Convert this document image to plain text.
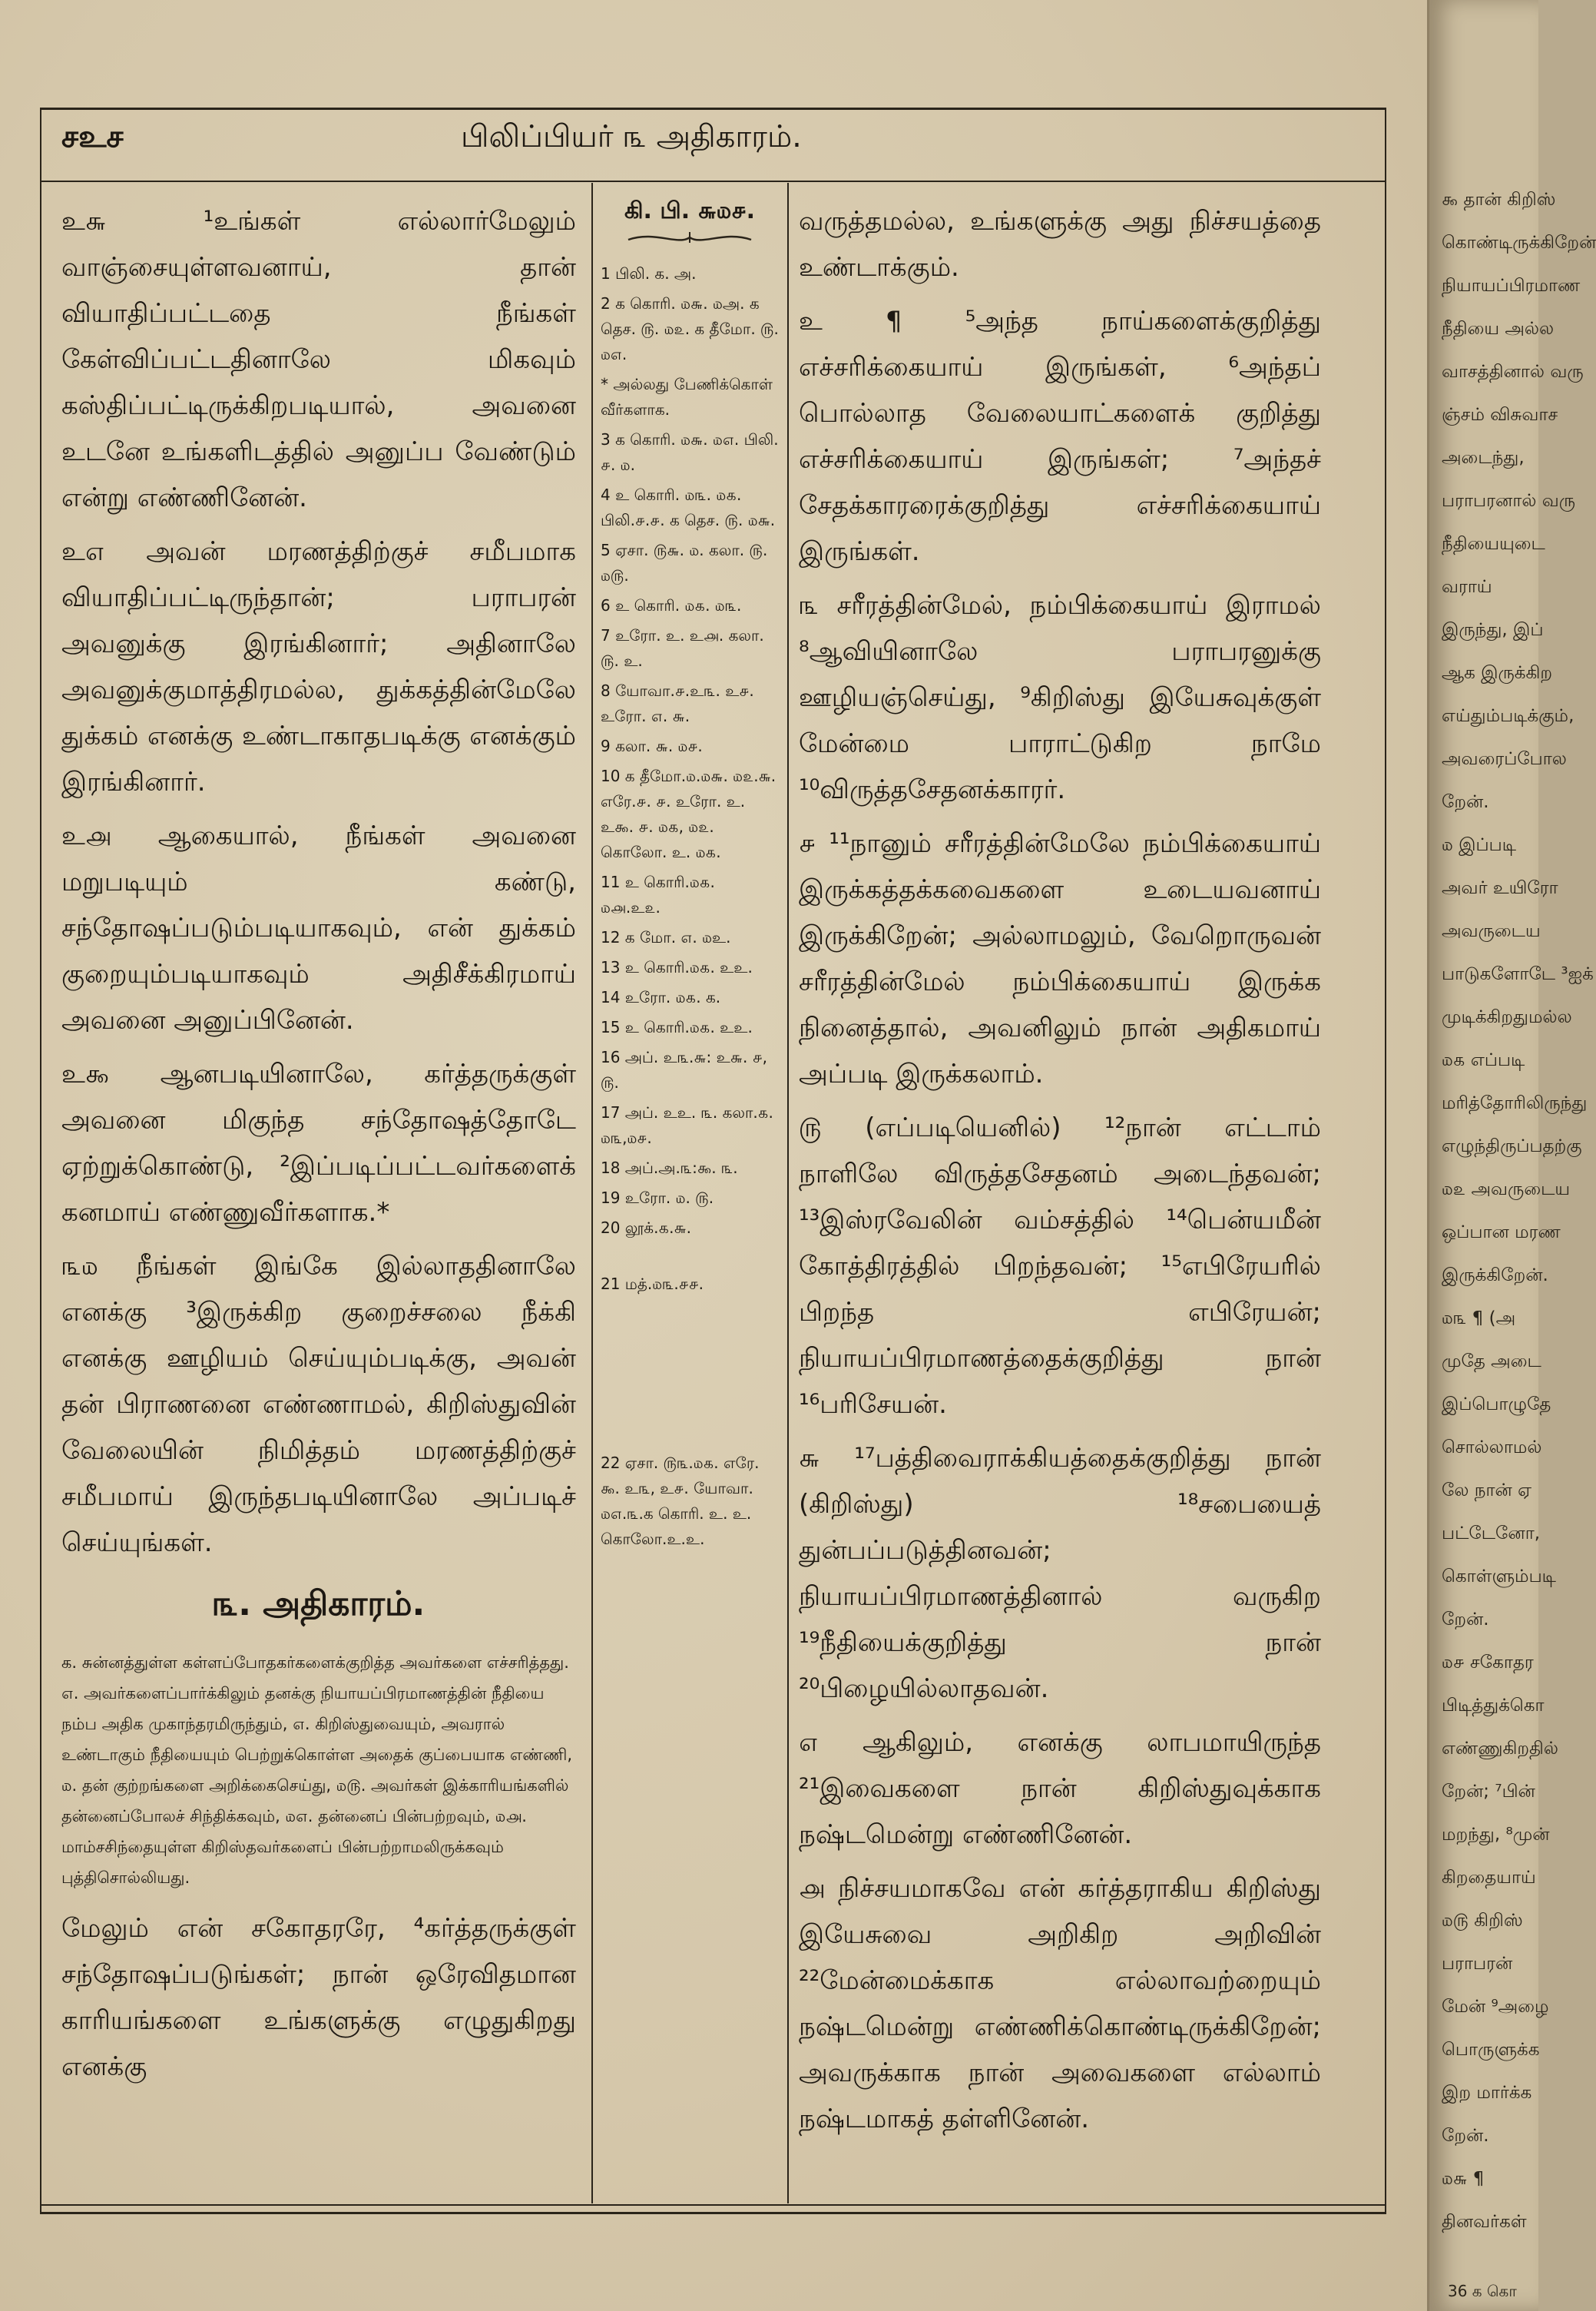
சஉச	பிலிப்பியர் ௩ அதிகாரம்.

உ௬ ¹உங்கள் எல்லார்மேலும் வாஞ்சையுள்ளவனாய், தான் வியாதிப்பட்டதை நீங்கள் கேள்விப்பட்டதினாலே மிகவும் கஸ்திப்பட்டிருக்கிறபடியால், அவனை உடனே உங்களிடத்தில் அனுப்ப வேண்டும் என்று எண்ணினேன்.

உ௭ அவன் மரணத்திற்குச் சமீபமாக வியாதிப்பட்டிருந்தான்; பராபரன் அவனுக்கு இரங்கினார்; அதினாலே அவனுக்குமாத்திரமல்ல, துக்கத்தின்மேலே துக்கம் எனக்கு உண்டாகாதபடிக்கு எனக்கும் இரங்கினார்.

உ௮ ஆகையால், நீங்கள் அவனை மறுபடியும் கண்டு, சந்தோஷப்படும்படியாகவும், என் துக்கம் குறையும்படியாகவும் அதிசீக்கிரமாய் அவனை அனுப்பினேன்.

உ௯ ஆனபடியினாலே, கர்த்தருக்குள் அவனை மிகுந்த சந்தோஷத்தோடே ஏற்றுக்கொண்டு, ²இப்படிப்பட்டவர்களைக் கனமாய் எண்ணுவீர்களாக.*

௩௰ நீங்கள் இங்கே இல்லாததினாலே எனக்கு ³இருக்கிற குறைச்சலை நீக்கி எனக்கு ஊழியம் செய்யும்படிக்கு, அவன் தன் பிராணனை எண்ணாமல், கிறிஸ்துவின் வேலையின் நிமித்தம் மரணத்திற்குச் சமீபமாய் இருந்தபடியினாலே அப்படிச் செய்யுங்கள்.

௩. அதிகாரம்.

க. சுன்னத்துள்ள கள்ளப்போதகர்களைக்குறித்த அவர்களை எச்சரித்தது. ௭. அவர்களைப்பார்க்கிலும் தனக்கு நியாயப்பிரமாணத்தின் நீதியை நம்ப அதிக முகாந்தரமிருந்தும், ௭. கிறிஸ்துவையும், அவரால் உண்டாகும் நீதியையும் பெற்றுக்கொள்ள அதைக் குப்பையாக எண்ணி, ௰. தன் குற்றங்களை அறிக்கைசெய்து, ௰௫. அவர்கள் இக்காரியங்களில் தன்னைப்போலச் சிந்திக்கவும், ௰௭. தன்னைப் பின்பற்றவும், ௰௮. மாம்சசிந்தையுள்ள கிறிஸ்தவர்களைப் பின்பற்றாமலிருக்கவும் புத்திசொல்லியது.

மேலும் என் சகோதரரே, ⁴கர்த்தருக்குள் சந்தோஷப்படுங்கள்; நான் ஒரேவிதமான காரியங்களை உங்களுக்கு எழுதுகிறது எனக்கு

கி. பி. ௬௰௪.

1 பிலி. க. அ.

2 க கொரி. ௰௬. ௰அ. க தெச. ௫. ௰௨. க தீமோ. ௫. ௰௭.

* அல்லது பேணிக்கொள் வீர்களாக.

3 க கொரி. ௰௬. ௰௭. பிலி. ௪. ௰.

4 உ கொரி. ௰௩. ௰௧. பிலி.௪.௪. க தெச. ௫. ௰௬.

5 ஏசா. ௫௬. ௰. கலா. ௫. ௰௫.

6 உ கொரி. ௰௧. ௰௩.

7 உரோ. உ. உ௮. கலா. ௫. உ.

8 யோவா.௪.உ௩. உ௪. உரோ. ௭. ௬.

9 கலா. ௬. ௰௪.

10 க தீமோ.௰.௰௬. ௰௨.௬. எரே.௪. ௪. உரோ. உ. உ௯. ௪. ௰௧, ௰௨. கொலோ. உ. ௰௧.

11 உ கொரி.௰௧. ௰௮.உ௨.

12 க மோ. ௭. ௰உ.

13 உ கொரி.௰௧. உஉ.

14 உரோ. ௰௧. க.

15 உ கொரி.௰௧. உஉ.

16 அப். உ௩.௬: உ௬. ௪, ௫.

17 அப். உஉ. ௩. கலா.௧. ௰௩,௰௪.

18 அப்.அ.௩:௯. ௩.

19 உரோ. ௰. ௫.

20 லூக்.௧.௬.

21 மத்.௰௩.௪௪.

22 ஏசா. ௫௩.௰௧. எரே. ௯. உ௩, உ௪. யோவா. ௰௭.௩.க கொரி. உ. உ. கொலோ.உ.உ.

வருத்தமல்ல, உங்களுக்கு அது நிச்சயத்தை உண்டாக்கும்.

உ ¶ ⁵அந்த நாய்களைக்குறித்து எச்சரிக்கையாய் இருங்கள், ⁶அந்தப் பொல்லாத வேலையாட்களைக் குறித்து எச்சரிக்கையாய் இருங்கள்; ⁷அந்தச் சேதக்காரரைக்குறித்து எச்சரிக்கையாய் இருங்கள்.

௩ சரீரத்தின்மேல், நம்பிக்கையாய் இராமல் ⁸ஆவியினாலே பராபரனுக்கு ஊழியஞ்செய்து, ⁹கிறிஸ்து இயேசுவுக்குள் மேன்மை பாராட்டுகிற நாமே ¹⁰விருத்தசேதனக்காரர்.

௪ ¹¹நானும் சரீரத்தின்மேலே நம்பிக்கையாய் இருக்கத்தக்கவைகளை உடையவனாய் இருக்கிறேன்; அல்லாமலும், வேறொருவன் சரீரத்தின்மேல் நம்பிக்கையாய் இருக்க நினைத்தால், அவனிலும் நான் அதிகமாய் அப்படி இருக்கலாம்.

௫ (எப்படியெனில்) ¹²நான் எட்டாம் நாளிலே விருத்தசேதனம் அடைந்தவன்; ¹³இஸ்ரவேலின் வம்சத்தில் ¹⁴பென்யமீன் கோத்திரத்தில் பிறந்தவன்; ¹⁵எபிரேயரில் பிறந்த எபிரேயன்; நியாயப்பிரமாணத்தைக்குறித்து நான் ¹⁶பரிசேயன்.

௬ ¹⁷பத்திவைராக்கியத்தைக்குறித்து நான் (கிறிஸ்து) ¹⁸சபையைத் துன்பப்படுத்தினவன்; நியாயப்பிரமாணத்தினால் வருகிற ¹⁹நீதியைக்குறித்து நான் ²⁰பிழையில்லாதவன்.

௭ ஆகிலும், எனக்கு லாபமாயிருந்த ²¹இவைகளை நான் கிறிஸ்துவுக்காக நஷ்டமென்று எண்ணினேன்.

௮ நிச்சயமாகவே என் கர்த்தராகிய கிறிஸ்து இயேசுவை அறிகிற அறிவின் ²²மேன்மைக்காக எல்லாவற்றையும் நஷ்டமென்று எண்ணிக்கொண்டிருக்கிறேன்; அவருக்காக நான் அவைகளை எல்லாம் நஷ்டமாகத் தள்ளினேன்.

௯ தான் கிறிஸ்
கொண்டிருக்கிறேன்
நியாயப்பிரமாண
நீதியை அல்ல
வாசத்தினால் வரு
ஞ்சம் விசுவாச
அடைந்து,
பராபரனால் வரு
நீதியையுடை
வராய்
இருந்து, இப்
ஆக இருக்கிற
எய்தும்படிக்கும்,
அவரைப்போல
றேன்.
௰ இப்படி
அவர் உயிரோ
அவருடைய
பாடுகளோடே ³ஐக்
முடிக்கிறதுமல்ல
௰௧ எப்படி
மரித்தோரிலிருந்து
எழுந்திருப்பதற்கு
௰௨ அவருடைய
ஒப்பான மரண
இருக்கிறேன்.
௰௩ ¶ (அ
முதே அடை
இப்பொழுதே
சொல்லாமல்
லே நான் ஏ
பட்டேனோ,
கொள்ளும்படி
றேன்.
௰௪ சகோதர
பிடித்துக்கொ
எண்ணுகிறதில்
றேன்; ⁷பின்
மறந்து, ⁸முன்
கிறதையாய்
௰௫ கிறிஸ்
பராபரன்
மேன் ⁹அழை
பொருளுக்க
இற மார்க்க
றேன்.
௰௬ ¶
தினவர்கள்
36 க கொ
